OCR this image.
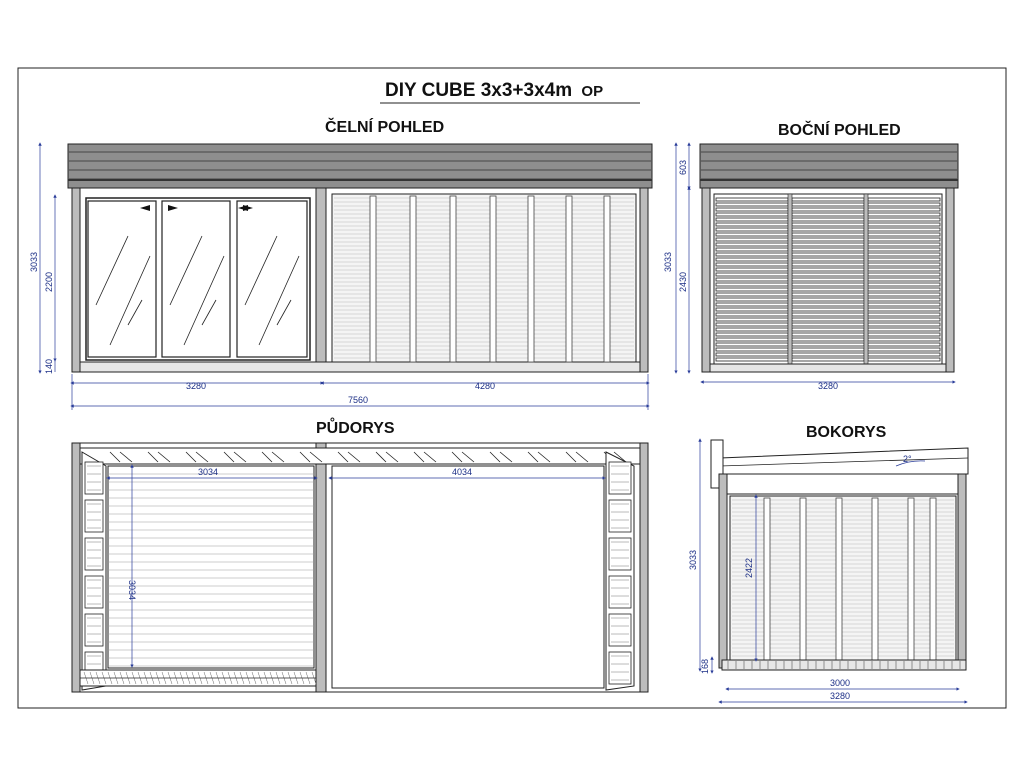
DIY CUBE 3x3+3x4m OP
ČELNÍ POHLED	BOČNÍ POHLED
PŮDORYS	BOKORYS
3033
2200
140
3280	4280
7560
3033
603
2430
3280
3034	4034
3034
2°
3033	2422
168
3000
3280
